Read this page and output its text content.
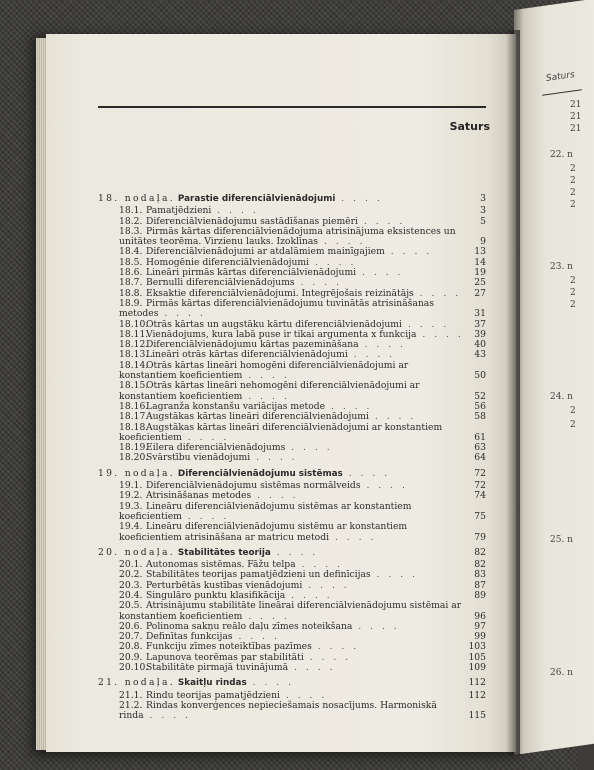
Saturs
18. nodaļa. Parastie diferenciālvienādojumi . . . .	3
18.1. Pamatjēdzieni . . . .	3
18.2. Diferenciālvienādojumu sastādīšanas piemēri . . . .	5
18.3. Pirmās kārtas diferenciālvienādojuma atrisinājuma eksistences un unitātes teorēma. Virzienu lauks. Izoklīnas . . . .	9
18.4. Diferenciālvienādojumi ar atdalāmiem mainīgajiem . . . .	13
18.5. Homogēnie diferenciālvienādojumi . . . .	14
18.6. Lineāri pirmās kārtas diferenciālvienādojumi . . . .	19
18.7. Bernulli diferenciālvienādojums . . . .	25
18.8. Eksaktie diferenciālvienādojumi. Integrējošais reizinātājs . . . .	27
18.9. Pirmās kārtas diferenciālvienādojumu tuvinātās atrisināšanas metodes . . . .	31
18.10.Otrās kārtas un augstāku kārtu diferenciālvienādojumi . . . .	37
18.11.Vienādojums, kura labā puse ir tikai argumenta x funkcija . . . .	39
18.12.Diferenciālvienādojumu kārtas pazemināšana . . . .	40
18.13.Lineāri otrās kārtas diferenciālvienādojumi . . . .	43
18.14.Otrās kārtas lineāri homogēni diferenciālvienādojumi ar konstantiem koeficientiem . . . .	50
18.15.Otrās kārtas lineāri nehomogēni diferenciālvienādojumi ar konstantiem koeficientiem . . . .	52
18.16.Lagranža konstanšu variācijas metode . . . .	56
18.17.Augstākas kārtas lineāri diferenciālvienādojumi . . . .	58
18.18.Augstākas kārtas lineāri diferenciālvienādojumi ar konstantiem koeficientiem . . . .	61
18.19.Eilera diferenciālvienādojums . . . .	63
18.20.Svārstību vienādojumi . . . .	64
19. nodaļa. Diferenciālvienādojumu sistēmas . . . .	72
19.1. Diferenciālvienādojumu sistēmas normālveids . . . .	72
19.2. Atrisināšanas metodes . . . .	74
19.3. Lineāru diferenciālvienādojumu sistēmas ar konstantiem koeficientiem . . . .	75
19.4. Lineāru diferenciālvienādojumu sistēmu ar konstantiem koeficientiem atrisināšana ar matricu metodi . . . .	79
20. nodaļa. Stabilitātes teorija . . . .	82
20.1. Autonomas sistēmas. Fāžu telpa . . . .	82
20.2. Stabilitātes teorijas pamatjēdzieni un definīcijas . . . .	83
20.3. Perturbētās kustības vienādojumi . . . .	87
20.4. Singulāro punktu klasifikācija . . . .	89
20.5. Atrisinājumu stabilitāte lineārai diferenciālvienādojumu sistēmai ar konstantiem koeficientiem . . . .	96
20.6. Polinoma sakņu reālo daļu zīmes noteikšana . . . .	97
20.7. Definītas funkcijas . . . .	99
20.8. Funkciju zīmes noteiktības pazīmes . . . .	103
20.9. Lapunova teorēmas par stabilitāti . . . .	105
20.10.Stabilitāte pirmajā tuvinājumā . . . .	109
21. nodaļa. Skaitļu rindas . . . .	112
21.1. Rindu teorijas pamatjēdzieni . . . .	112
21.2. Rindas konverģences nepieciešamais nosacījums. Harmoniskā rinda . . . .	115
Saturs
21
21
21
22. n
2
2
2
2
23. n
2
2
2
24. n
2
2
25. n
26. n
